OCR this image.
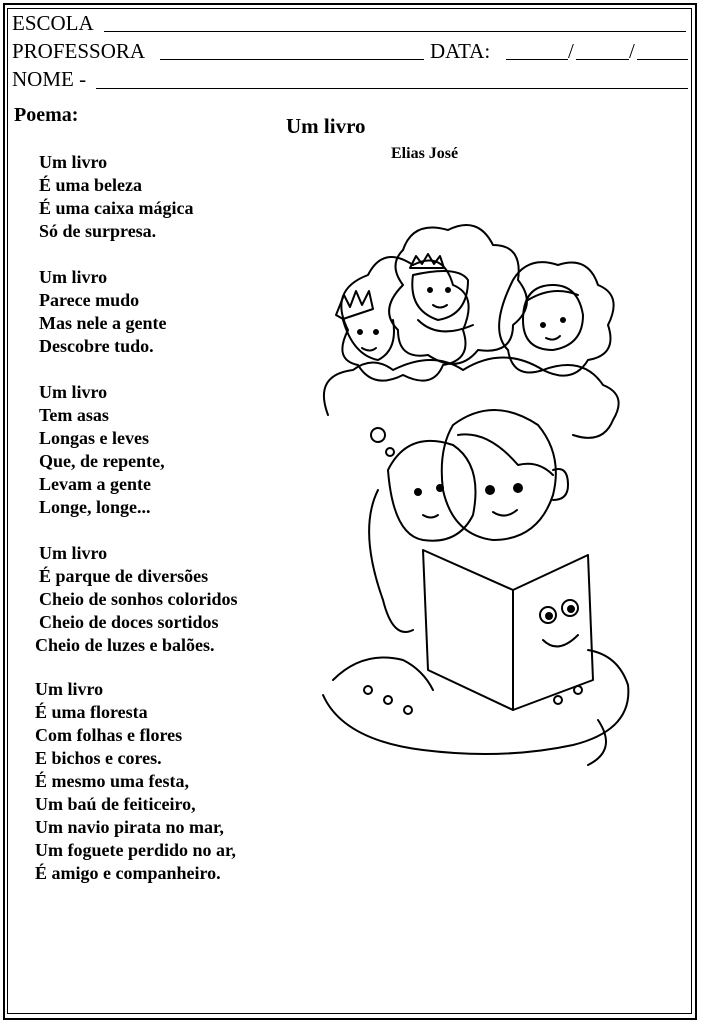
ESCOLA
PROFESSORA	DATA:	/	/
NOME -
Poema:	Um livro
Elias José
Um livro
É uma beleza
É uma caixa mágica
Só de surpresa.
Um livro
Parece mudo
Mas nele a gente
Descobre tudo.
Um livro
Tem asas
Longas e leves
Que, de repente,
Levam a gente
Longe, longe...
Um livro
É parque de diversões
Cheio de sonhos coloridos
Cheio de doces sortidos
Cheio de luzes e balões.
Um livro
É uma floresta
Com folhas e flores
E bichos e cores.
É mesmo uma festa,
Um baú de feiticeiro,
Um navio pirata no mar,
Um foguete perdido no ar,
É amigo e companheiro.
